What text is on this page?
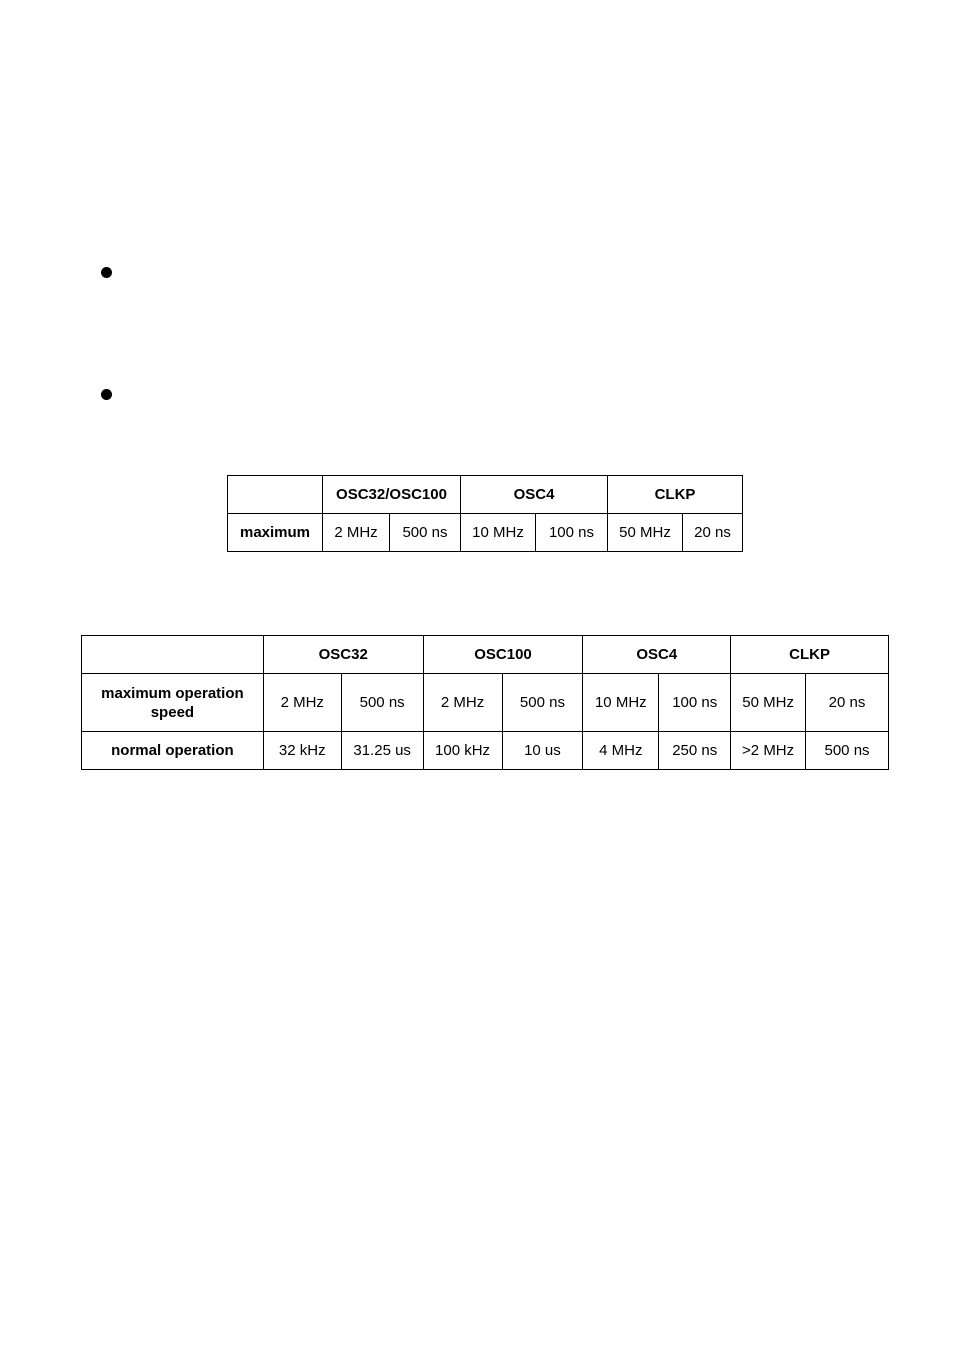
	OSC32/OSC100		OSC4		CLKP	
maximum	2 MHz	500 ns	10 MHz	100 ns	50 MHz	20 ns
	OSC32		OSC100		OSC4		CLKP	
maximum operation speed	2 MHz	500 ns	2 MHz	500 ns	10 MHz	100 ns	50 MHz	20 ns
normal operation	32 kHz	31.25 us	100 kHz	10 us	4 MHz	250 ns	>2 MHz	500 ns
